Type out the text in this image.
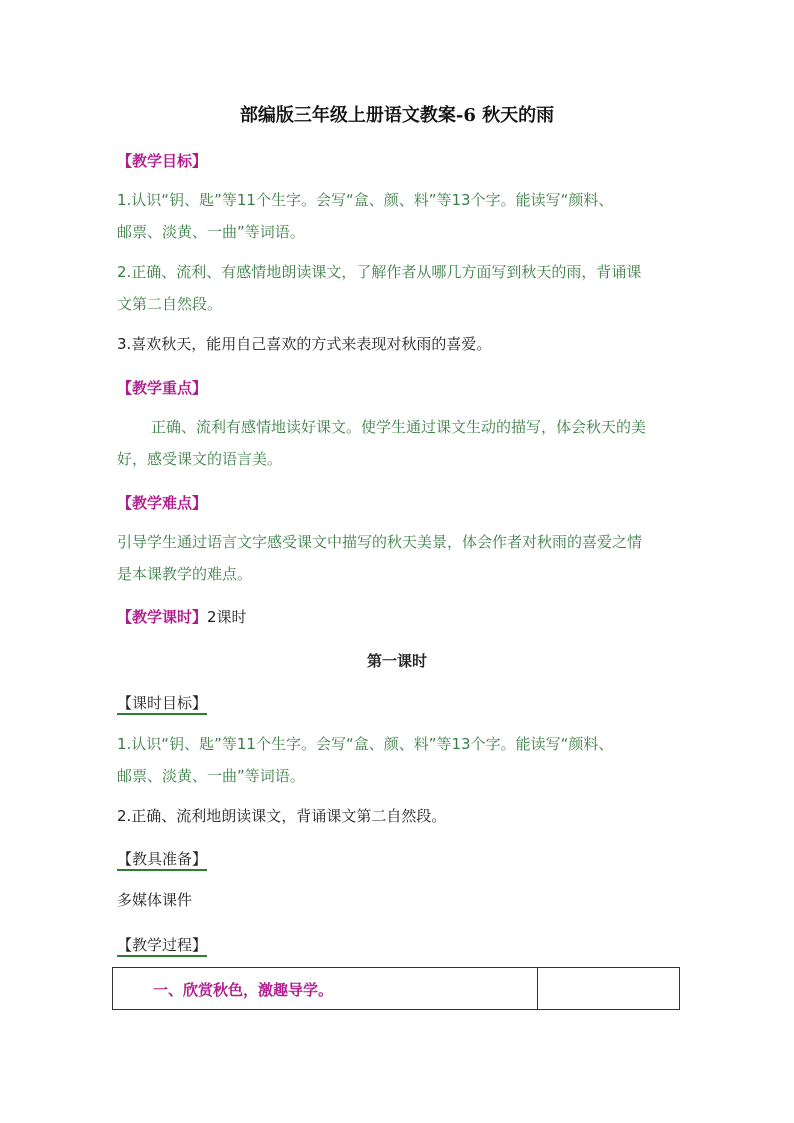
部编版三年级上册语文教案-6 秋天的雨
【教学目标】
1.认识“钥、匙”等11个生字。会写“盒、颜、料”等13个字。能读写“颜料、
邮票、淡黄、一曲”等词语。
2.正确、流利、有感情地朗读课文，了解作者从哪几方面写到秋天的雨，背诵课
文第二自然段。
3.喜欢秋天，能用自己喜欢的方式来表现对秋雨的喜爱。
【教学重点】
正确、流利有感情地读好课文。使学生通过课文生动的描写，体会秋天的美
好，感受课文的语言美。
【教学难点】
引导学生通过语言文字感受课文中描写的秋天美景，体会作者对秋雨的喜爱之情
是本课教学的难点。
【教学课时】2课时
第一课时
【课时目标】
1.认识“钥、匙”等11个生字。会写“盒、颜、料”等13个字。能读写“颜料、
邮票、淡黄、一曲”等词语。
2.正确、流利地朗读课文，背诵课文第二自然段。
【教具准备】
多媒体课件
【教学过程】
一、欣赏秋色，激趣导学。
